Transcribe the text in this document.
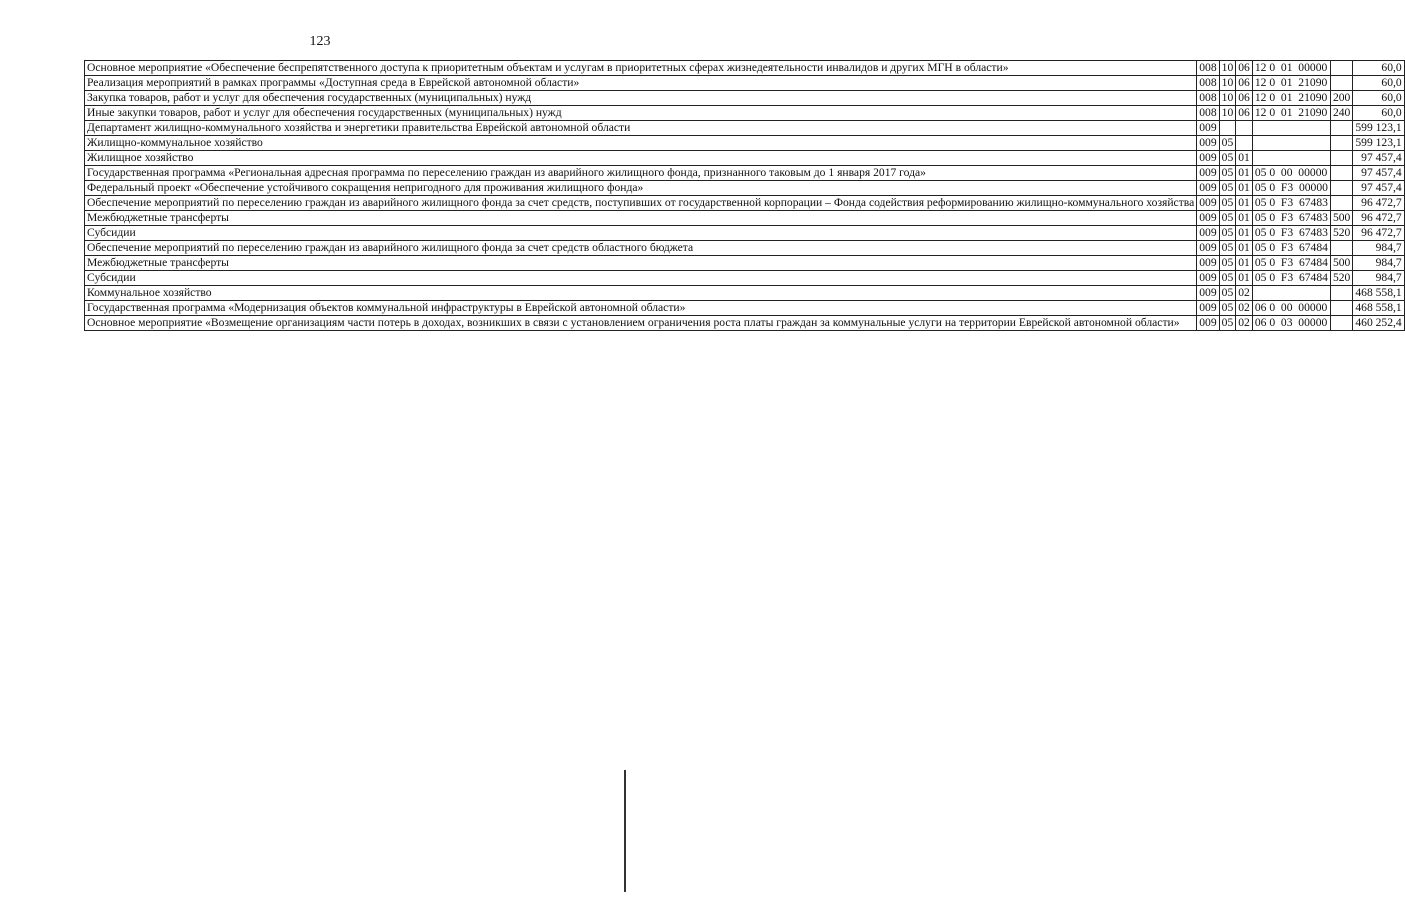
123
Основное мероприятие «Обеспечение беспрепятственного доступа к приоритетным объектам и услугам в приоритетных сферах жизнедеятельности инвалидов и других МГН в области»	008	10	06	12 0  01  00000		60,0
Реализация мероприятий в рамках программы «Доступная среда в Еврейской автономной области»	008	10	06	12 0  01  21090		60,0
Закупка товаров, работ и услуг для обеспечения государственных (муниципальных) нужд	008	10	06	12 0  01  21090	200	60,0
Иные закупки товаров, работ и услуг для обеспечения государственных (муниципальных) нужд	008	10	06	12 0  01  21090	240	60,0
Департамент жилищно-коммунального хозяйства и энергетики правительства Еврейской автономной области	009					599 123,1
Жилищно-коммунальное хозяйство	009	05				599 123,1
Жилищное хозяйство	009	05	01			97 457,4
Государственная программа «Региональная адресная программа по переселению граждан из аварийного жилищного фонда, признанного таковым до 1 января 2017 года»	009	05	01	05 0  00  00000		97 457,4
Федеральный проект «Обеспечение устойчивого сокращения непригодного для проживания жилищного фонда»	009	05	01	05 0  F3  00000		97 457,4
Обеспечение мероприятий по переселению граждан из аварийного жилищного фонда за счет средств, поступивших от государственной корпорации – Фонда содействия реформированию жилищно-коммунального хозяйства	009	05	01	05 0  F3  67483		96 472,7
Межбюджетные трансферты	009	05	01	05 0  F3  67483	500	96 472,7
Субсидии	009	05	01	05 0  F3  67483	520	96 472,7
Обеспечение мероприятий по переселению граждан из аварийного жилищного фонда за счет средств областного бюджета	009	05	01	05 0  F3  67484		984,7
Межбюджетные трансферты	009	05	01	05 0  F3  67484	500	984,7
Субсидии	009	05	01	05 0  F3  67484	520	984,7
Коммунальное хозяйство	009	05	02			468 558,1
Государственная программа «Модернизация объектов коммунальной инфраструктуры в Еврейской автономной области»	009	05	02	06 0  00  00000		468 558,1
Основное мероприятие «Возмещение организациям части потерь в доходах, возникших в связи с установлением ограничения роста платы граждан за коммунальные услуги на территории Еврейской автономной области»	009	05	02	06 0  03  00000		460 252,4
